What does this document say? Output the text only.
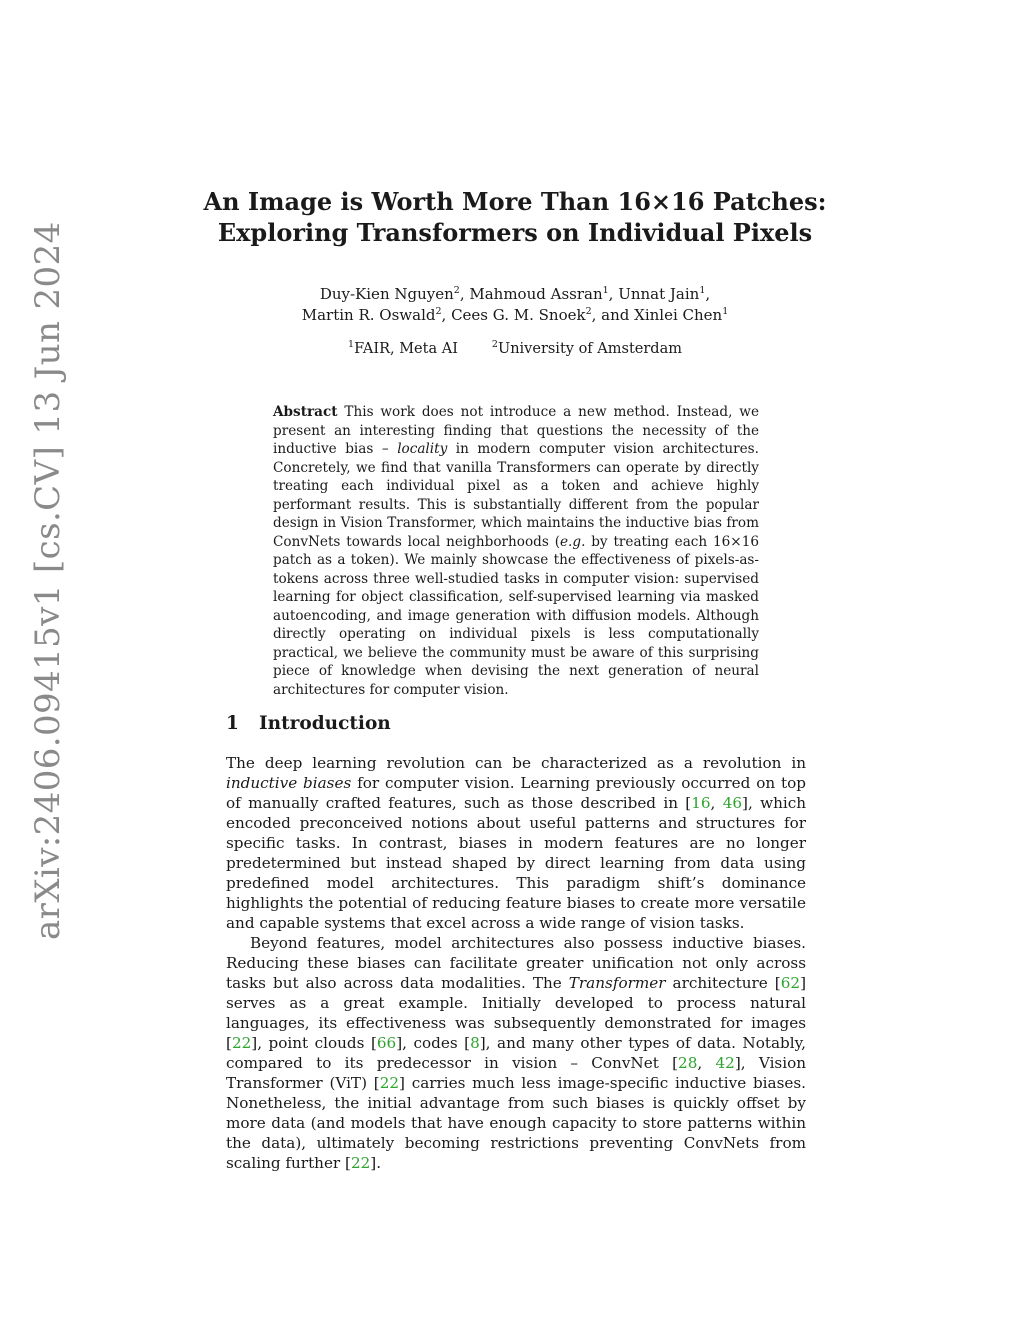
arXiv:2406.09415v1 [cs.CV] 13 Jun 2024
An Image is Worth More Than 16×16 Patches:
Exploring Transformers on Individual Pixels
Duy-Kien Nguyen$^2$, Mahmoud Assran$^1$, Unnat Jain$^1$,
Martin R. Oswald$^2$, Cees G. M. Snoek$^2$, and Xinlei Chen$^1$
$^1$FAIR, Meta AI	$^2$University of Amsterdam
Abstract This work does not introduce a new method. Instead, we present an interesting finding that questions the necessity of the inductive bias – locality in modern computer vision architectures. Concretely, we find that vanilla Transformers can operate by directly treating each individual pixel as a token and achieve highly performant results. This is substantially different from the popular design in Vision Transformer, which maintains the inductive bias from ConvNets towards local neighborhoods (e.g. by treating each 16×16 patch as a token). We mainly showcase the effectiveness of pixels-as-tokens across three well-studied tasks in computer vision: supervised learning for object classification, self-supervised learning via masked autoencoding, and image generation with diffusion models. Although directly operating on individual pixels is less computationally practical, we believe the community must be aware of this surprising piece of knowledge when devising the next generation of neural architectures for computer vision.
1 Introduction

The deep learning revolution can be characterized as a revolution in inductive biases for computer vision. Learning previously occurred on top of manually crafted features, such as those described in [16, 46], which encoded preconceived notions about useful patterns and structures for specific tasks. In contrast, biases in modern features are no longer predetermined but instead shaped by direct learning from data using predefined model architectures. This paradigm shift’s dominance highlights the potential of reducing feature biases to create more versatile and capable systems that excel across a wide range of vision tasks.

Beyond features, model architectures also possess inductive biases. Reducing these biases can facilitate greater unification not only across tasks but also across data modalities. The Transformer architecture [62] serves as a great example. Initially developed to process natural languages, its effectiveness was subsequently demonstrated for images [22], point clouds [66], codes [8], and many other types of data. Notably, compared to its predecessor in vision – ConvNet [28, 42], Vision Transformer (ViT) [22] carries much less image-specific inductive biases. Nonetheless, the initial advantage from such biases is quickly offset by more data (and models that have enough capacity to store patterns within the data), ultimately becoming restrictions preventing ConvNets from scaling further [22].
